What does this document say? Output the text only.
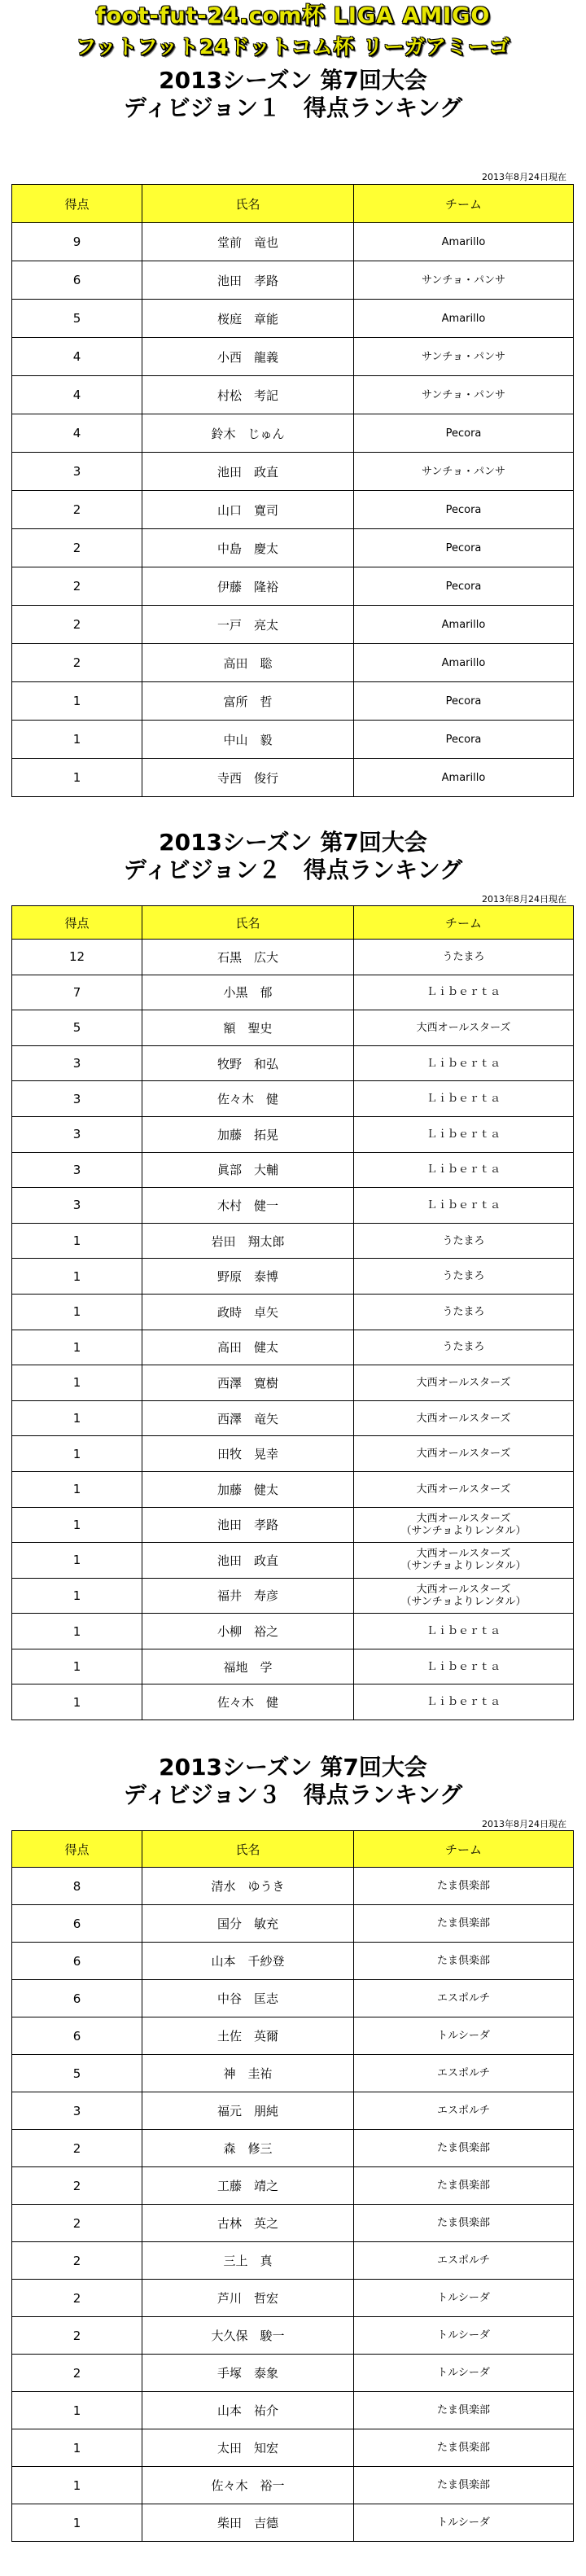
foot-fut-24.com杯 LIGA AMIGO
フットフット24ドットコム杯 リーガアミーゴ
2013シーズン 第7回大会
ディビジョン１　得点ランキング
2013年8月24日現在
得点	氏名	チーム
9	堂前　竜也	Amarillo
6	池田　孝路	サンチョ・パンサ
5	桜庭　章能	Amarillo
4	小西　龍義	サンチョ・パンサ
4	村松　考記	サンチョ・パンサ
4	鈴木　じゅん	Pecora
3	池田　政直	サンチョ・パンサ
2	山口　寛司	Pecora
2	中島　慶太	Pecora
2	伊藤　隆裕	Pecora
2	一戸　亮太	Amarillo
2	高田　聡	Amarillo
1	富所　哲	Pecora
1	中山　毅	Pecora
1	寺西　俊行	Amarillo
2013シーズン 第7回大会
ディビジョン２　得点ランキング
2013年8月24日現在
得点	氏名	チーム
12	石黒　広大	うたまろ
7	小黒　郁	Ｌｉｂｅｒｔａ
5	額　聖史	大西オールスターズ
3	牧野　和弘	Ｌｉｂｅｒｔａ
3	佐々木　健	Ｌｉｂｅｒｔａ
3	加藤　拓晃	Ｌｉｂｅｒｔａ
3	眞部　大輔	Ｌｉｂｅｒｔａ
3	木村　健一	Ｌｉｂｅｒｔａ
1	岩田　翔太郎	うたまろ
1	野原　泰博	うたまろ
1	政時　卓矢	うたまろ
1	高田　健太	うたまろ
1	西澤　寛樹	大西オールスターズ
1	西澤　竜矢	大西オールスターズ
1	田牧　晃幸	大西オールスターズ
1	加藤　健太	大西オールスターズ
1	池田　孝路	大西オールスターズ
（サンチョよりレンタル）
1	池田　政直	大西オールスターズ
（サンチョよりレンタル）
1	福井　寿彦	大西オールスターズ
（サンチョよりレンタル）
1	小柳　裕之	Ｌｉｂｅｒｔａ
1	福地　学	Ｌｉｂｅｒｔａ
1	佐々木　健	Ｌｉｂｅｒｔａ
2013シーズン 第7回大会
ディビジョン３　得点ランキング
2013年8月24日現在
得点	氏名	チーム
8	清水　ゆうき	たま倶楽部
6	国分　敏充	たま倶楽部
6	山本　千紗登	たま倶楽部
6	中谷　匡志	エスポルチ
6	土佐　英爾	トルシーダ
5	神　圭祐	エスポルチ
3	福元　朋純	エスポルチ
2	森　修三	たま倶楽部
2	工藤　靖之	たま倶楽部
2	古林　英之	たま倶楽部
2	三上　真	エスポルチ
2	芦川　哲宏	トルシーダ
2	大久保　駿一	トルシーダ
2	手塚　泰象	トルシーダ
1	山本　祐介	たま倶楽部
1	太田　知宏	たま倶楽部
1	佐々木　裕一	たま倶楽部
1	柴田　吉德	トルシーダ
